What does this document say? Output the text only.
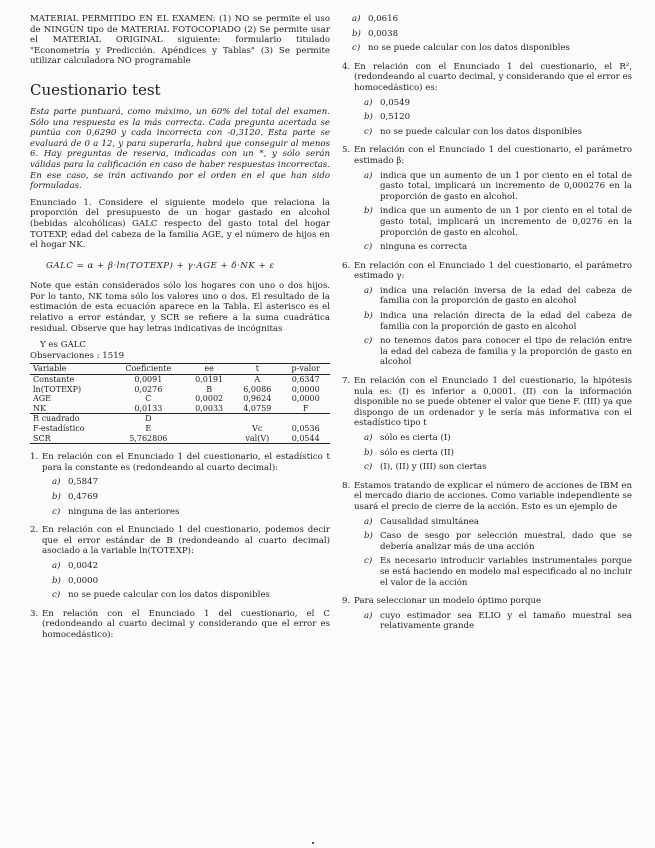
MATERIAL PERMITIDO EN EL EXAMEN: (1) NO se permite el uso de NINGÚN tipo de MATERIAL FOTOCOPIADO (2) Se permite usar el MATERIAL ORIGINAL siguiente: formulario titulado "Econometría y Predicción. Apéndices y Tablas" (3) Se permite utilizar calculadora NO programable

Cuestionario test

Esta parte puntuará, como máximo, un 60% del total del examen. Sólo una respuesta es la más correcta. Cada pregunta acertada se puntúa con 0,6290 y cada incorrecta con -0,3120. Esta parte se evaluará de 0 a 12, y para superarla, habrá que conseguir al menos 6. Hay preguntas de reserva, indicadas con un *, y sólo serán válidas para la calificación en caso de haber respuestas incorrectas. En ese caso, se irán activando por el orden en el que han sido formuladas.

Enunciado 1. Considere el siguiente modelo que relaciona la proporción del presupuesto de un hogar gastado en alcohol (bebidas alcohólicas) GALC respecto del gasto total del hogar TOTEXP, edad del cabeza de la familia AGE, y el número de hijos en el hogar NK.

GALC = α + β·ln(TOTEXP) + γ·AGE + δ·NK + ε

Note que están considerados sólo los hogares con uno o dos hijos. Por lo tanto, NK toma sólo los valores uno o dos. El resultado de la estimación de esta ecuación aparece en la Tabla. El asterisco es el relativo a error estándar, y SCR se refiere a la suma cuadrática residual. Observe que hay letras indicativas de incógnitas

Y es GALC
Observaciones : 1519
Variable	Coeficiente	ee	t	p-valor
Constante	0,0091	0,0191	A	0,6347
ln(TOTEXP)	0,0276	B	6,0086	0,0000
AGE	C	0,0002	0,9624	0,0000
NK	0,0133	0,0033	4,0759	F
R cuadrado	D			
F-estadístico	E		Vc	0,0536
SCR	5,762806		val(V)	0,0544
1. En relación con el Enunciado 1 del cuestionario, el estadístico t para la constante es (redondeando al cuarto decimal):
a) 0,5847
b) 0,4769
c) ninguna de las anteriores
2. En relación con el Enunciado 1 del cuestionario, podemos decir que el error estándar de B (redondeando al cuarto decimal) asociado a la variable ln(TOTEXP):
a) 0,0042
b) 0,0000
c) no se puede calcular con los datos disponibles
3. En relación con el Enunciado 1 del cuestionario, el C (redondeando al cuarto decimal y considerando que el error es homocedástico):
a) 0,0616
b) 0,0038
c) no se puede calcular con los datos disponibles
4. En relación con el Enunciado 1 del cuestionario, el R², (redondeando al cuarto decimal, y considerando que el error es homocedástico) es:
a) 0,0549
b) 0,5120
c) no se puede calcular con los datos disponibles
5. En relación con el Enunciado 1 del cuestionario, el parámetro estimado β:
a) indica que un aumento de un 1 por ciento en el total de gasto total, implicará un incremento de 0,000276 en la proporción de gasto en alcohol.
b) indica que un aumento de un 1 por ciento en el total de gasto total, implicará un incremento de 0,0276 en la proporción de gasto en alcohol.
c) ninguna es correcta
6. En relación con el Enunciado 1 del cuestionario, el parámetro estimado γ:
a) indica una relación inversa de la edad del cabeza de familia con la proporción de gasto en alcohol
b) indica una relación directa de la edad del cabeza de familia con la proporción de gasto en alcohol
c) no tenemos datos para conocer el tipo de relación entre la edad del cabeza de familia y la proporción de gasto en alcohol
7. En relación con el Enunciado 1 del cuestionario, la hipótesis nula es: (I) es inferior a 0,0001. (II) con la información disponible no se puede obtener el valor que tiene F. (III) ya que dispongo de un ordenador y le sería más informativa con el estadístico tipo t
a) sólo es cierta (I)
b) sólo es cierta (II)
c) (I), (II) y (III) son ciertas
8. Estamos tratando de explicar el número de acciones de IBM en el mercado diario de acciones. Como variable independiente se usará el precio de cierre de la acción. Esto es un ejemplo de
a) Causalidad simultánea
b) Caso de sesgo por selección muestral, dado que se debería analizar más de una acción
c) Es necesario introducir variables instrumentales porque se está haciendo en modelo mal especificado al no incluir el valor de la acción
9. Para seleccionar un modelo óptimo porque
a) cuyo estimador sea ELIO y el tamaño muestral sea relativamente grande
